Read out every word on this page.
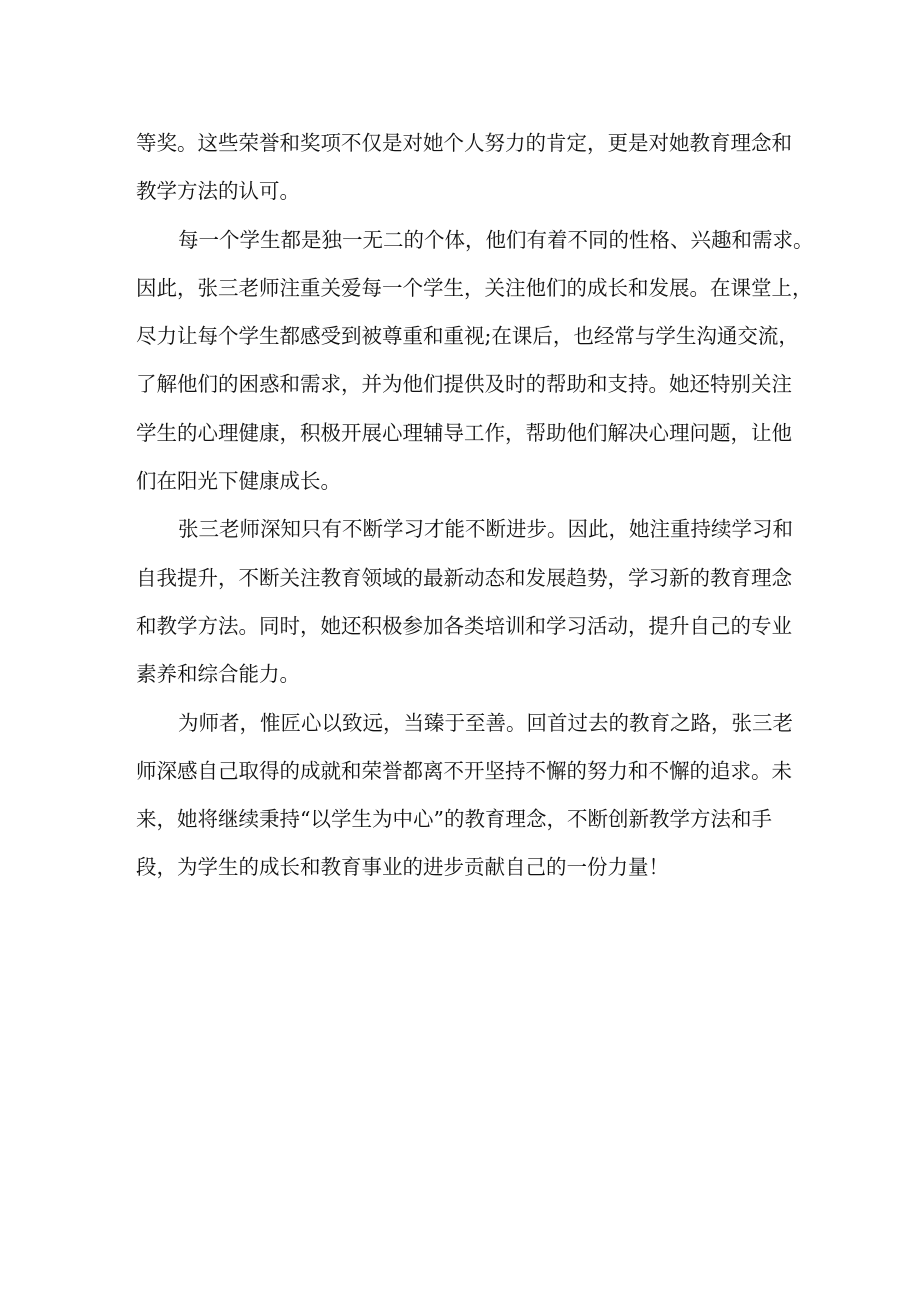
等奖。这些荣誉和奖项不仅是对她个人努力的肯定，更是对她教育理念和
教学方法的认可。
每一个学生都是独一无二的个体，他们有着不同的性格、兴趣和需求。
因此，张三老师注重关爱每一个学生，关注他们的成长和发展。在课堂上，
尽力让每个学生都感受到被尊重和重视;在课后，也经常与学生沟通交流，
了解他们的困惑和需求，并为他们提供及时的帮助和支持。她还特别关注
学生的心理健康，积极开展心理辅导工作，帮助他们解决心理问题，让他
们在阳光下健康成长。
张三老师深知只有不断学习才能不断进步。因此，她注重持续学习和
自我提升，不断关注教育领域的最新动态和发展趋势，学习新的教育理念
和教学方法。同时，她还积极参加各类培训和学习活动，提升自己的专业
素养和综合能力。
为师者，惟匠心以致远，当臻于至善。回首过去的教育之路，张三老
师深感自己取得的成就和荣誉都离不开坚持不懈的努力和不懈的追求。未
来，她将继续秉持“以学生为中心”的教育理念，不断创新教学方法和手
段，为学生的成长和教育事业的进步贡献自己的一份力量！
